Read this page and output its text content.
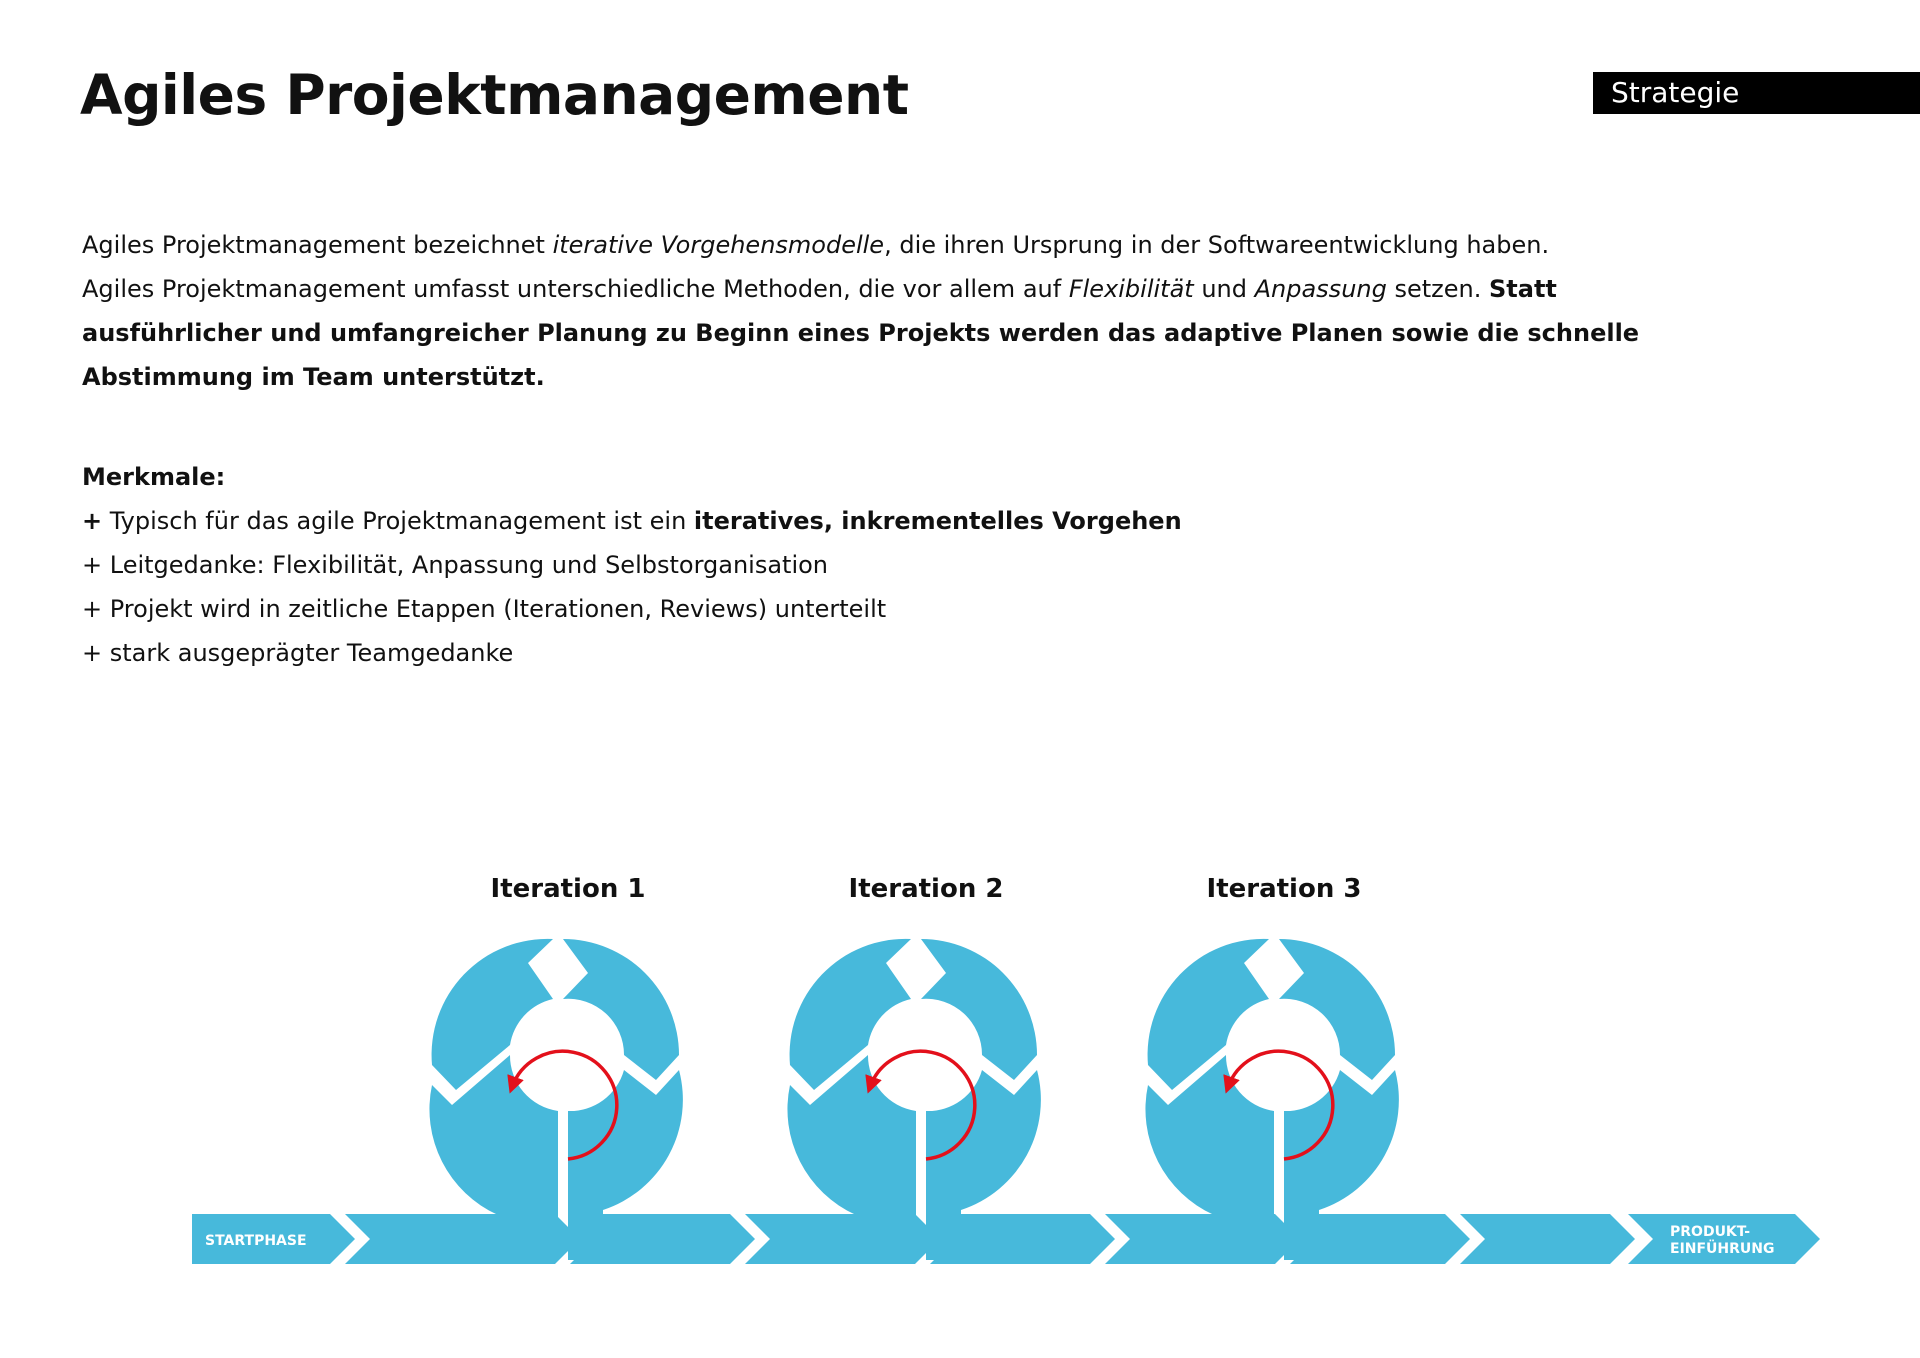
Agiles Projektmanagement	Strategie

Agiles Projektmanagement bezeichnet iterative Vorgehensmodelle, die ihren Ursprung in der Softwareentwicklung haben.
Agiles Projektmanagement umfasst unterschiedliche Methoden, die vor allem auf Flexibilität und Anpassung setzen. Statt
ausführlicher und umfangreicher Planung zu Beginn eines Projekts werden das adaptive Planen sowie die schnelle
Abstimmung im Team unterstützt.

Merkmale:
+ Typisch für das agile Projektmanagement ist ein iteratives, inkrementelles Vorgehen
+ Leitgedanke: Flexibilität, Anpassung und Selbstorganisation
+ Projekt wird in zeitliche Etappen (Iterationen, Reviews) unterteilt
+ stark ausgeprägter Teamgedanke
Iteration 1	Iteration 2	Iteration 3
STARTPHASE
PRODUKT-
EINFÜHRUNG
